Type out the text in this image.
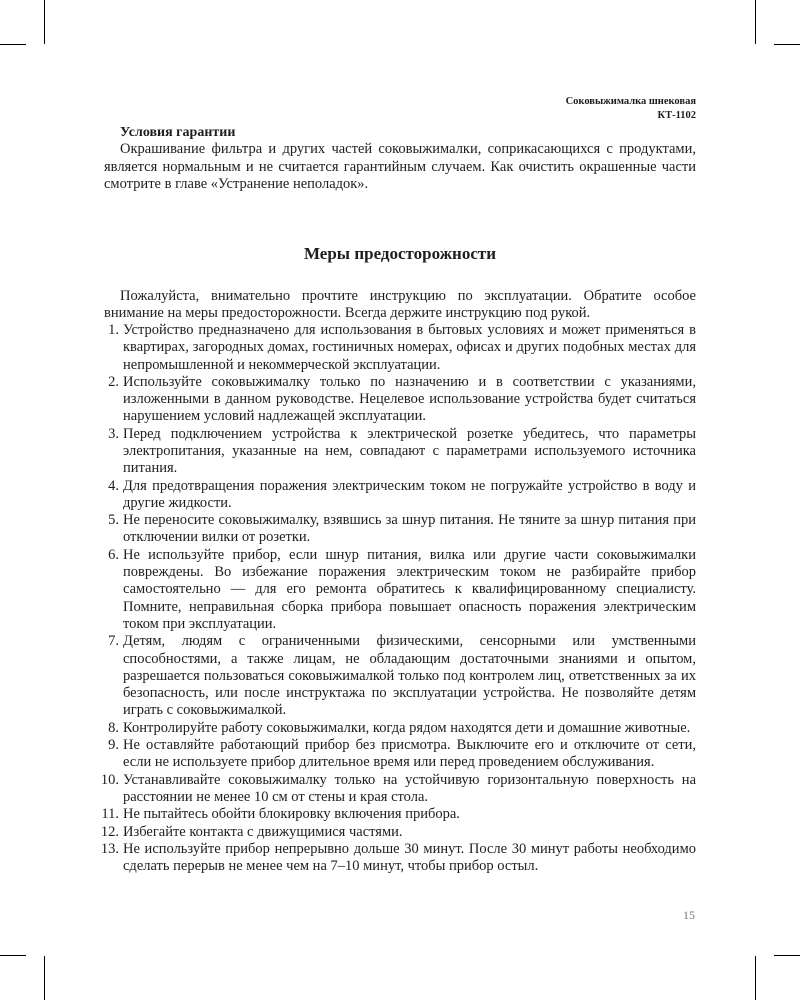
Соковыжималка шнековая
КТ-1102

Условия гарантии

Окрашивание фильтра и других частей соковыжималки, соприкасающихся с продуктами, является нормальным и не считается гарантийным случаем. Как очистить окрашенные части смотрите в главе «Устранение неполадок».

Меры предосторожности

Пожалуйста, внимательно прочтите инструкцию по эксплуатации. Обратите особое внимание на меры предосторожности. Всегда держите инструкцию под рукой.

1. Устройство предназначено для использования в бытовых условиях и может применяться в квартирах, загородных домах, гостиничных номерах, офисах и других подобных местах для непромышленной и некоммерческой эксплуатации.
2. Используйте соковыжималку только по назначению и в соответствии с указаниями, изложенными в данном руководстве. Нецелевое использование устройства будет считаться нарушением условий надлежащей эксплуатации.
3. Перед подключением устройства к электрической розетке убедитесь, что параметры электропитания, указанные на нем, совпадают с параметрами используемого источника питания.
4. Для предотвращения поражения электрическим током не погружайте устройство в воду и другие жидкости.
5. Не переносите соковыжималку, взявшись за шнур питания. Не тяните за шнур питания при отключении вилки от розетки.
6. Не используйте прибор, если шнур питания, вилка или другие части соковыжималки повреждены. Во избежание поражения электрическим током не разбирайте прибор самостоятельно — для его ремонта обратитесь к квалифицированному специалисту. Помните, неправильная сборка прибора повышает опасность поражения электрическим током при эксплуатации.
7. Детям, людям с ограниченными физическими, сенсорными или умственными способностями, а также лицам, не обладающим достаточными знаниями и опытом, разрешается пользоваться соковыжималкой только под контролем лиц, ответственных за их безопасность, или после инструктажа по эксплуатации устройства. Не позволяйте детям играть с соковыжималкой.
8. Контролируйте работу соковыжималки, когда рядом находятся дети и домашние животные.
9. Не оставляйте работающий прибор без присмотра. Выключите его и отключите от сети, если не используете прибор длительное время или перед проведением обслуживания.
10. Устанавливайте соковыжималку только на устойчивую горизонтальную поверхность на расстоянии не менее 10 см от стены и края стола.
11. Не пытайтесь обойти блокировку включения прибора.
12. Избегайте контакта с движущимися частями.
13. Не используйте прибор непрерывно дольше 30 минут. После 30 минут работы необходимо сделать перерыв не менее чем на 7–10 минут, чтобы прибор остыл.
15
